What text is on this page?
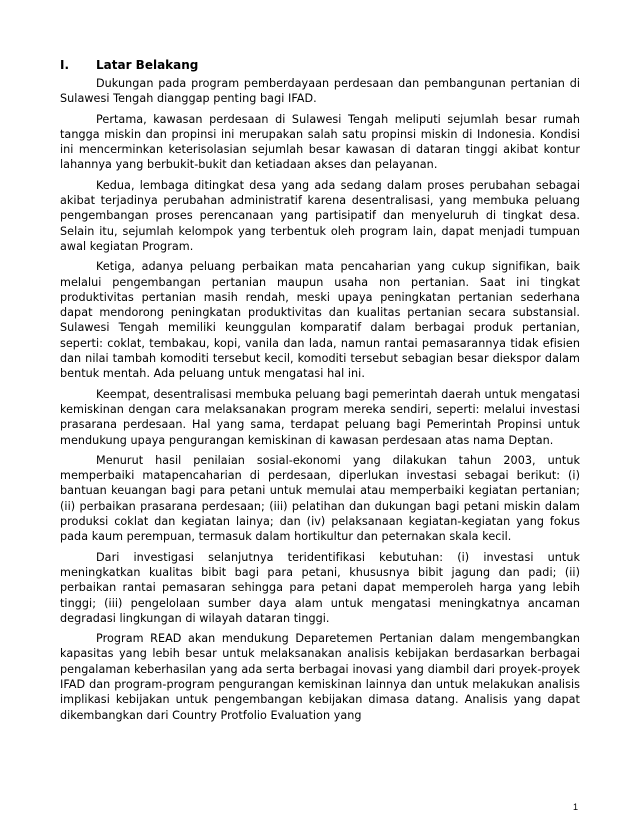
I.	Latar Belakang

Dukungan pada program pemberdayaan perdesaan dan pembangunan pertanian di Sulawesi Tengah dianggap penting bagi IFAD.

Pertama, kawasan perdesaan di Sulawesi Tengah meliputi sejumlah besar rumah tangga miskin dan propinsi ini merupakan salah satu propinsi miskin di Indonesia. Kondisi ini mencerminkan keterisolasian sejumlah besar kawasan di dataran tinggi akibat kontur lahannya yang berbukit-bukit dan ketiadaan akses dan pelayanan.

Kedua, lembaga ditingkat desa yang ada sedang dalam proses perubahan sebagai akibat terjadinya perubahan administratif karena desentralisasi, yang membuka peluang pengembangan proses perencanaan yang partisipatif dan menyeluruh di tingkat desa. Selain itu, sejumlah kelompok yang terbentuk oleh program lain, dapat menjadi tumpuan awal kegiatan Program.

Ketiga, adanya peluang perbaikan mata pencaharian yang cukup signifikan, baik melalui pengembangan pertanian maupun usaha non pertanian. Saat ini tingkat produktivitas pertanian masih rendah, meski upaya peningkatan pertanian sederhana dapat mendorong peningkatan produktivitas dan kualitas pertanian secara substansial. Sulawesi Tengah memiliki keunggulan komparatif dalam berbagai produk pertanian, seperti: coklat, tembakau, kopi, vanila dan lada, namun rantai pemasarannya tidak efisien dan nilai tambah komoditi tersebut kecil, komoditi tersebut sebagian besar diekspor dalam bentuk mentah. Ada peluang untuk mengatasi hal ini.

Keempat, desentralisasi membuka peluang bagi pemerintah daerah untuk mengatasi kemiskinan dengan cara melaksanakan program mereka sendiri, seperti: melalui investasi prasarana perdesaan. Hal yang sama, terdapat peluang bagi Pemerintah Propinsi untuk mendukung upaya pengurangan kemiskinan di kawasan perdesaan atas nama Deptan.

Menurut hasil penilaian sosial-ekonomi yang dilakukan tahun 2003, untuk memperbaiki matapencaharian di perdesaan, diperlukan investasi sebagai berikut: (i) bantuan keuangan bagi para petani untuk memulai atau memperbaiki kegiatan pertanian; (ii) perbaikan prasarana perdesaan; (iii) pelatihan dan dukungan bagi petani miskin dalam produksi coklat dan kegiatan lainya; dan (iv) pelaksanaan kegiatan-kegiatan yang fokus pada kaum perempuan, termasuk dalam hortikultur dan peternakan skala kecil.

Dari investigasi selanjutnya teridentifikasi kebutuhan: (i) investasi untuk meningkatkan kualitas bibit bagi para petani, khususnya bibit jagung dan padi; (ii) perbaikan rantai pemasaran sehingga para petani dapat memperoleh harga yang lebih tinggi; (iii) pengelolaan sumber daya alam untuk mengatasi meningkatnya ancaman degradasi lingkungan di wilayah dataran tinggi.

Program READ akan mendukung Deparetemen Pertanian dalam mengembangkan kapasitas yang lebih besar untuk melaksanakan analisis kebijakan berdasarkan berbagai pengalaman keberhasilan yang ada serta berbagai inovasi yang diambil dari proyek-proyek IFAD dan program-program pengurangan kemiskinan lainnya dan untuk melakukan analisis implikasi kebijakan untuk pengembangan kebijakan dimasa datang. Analisis yang dapat dikembangkan dari Country Protfolio Evaluation yang

1
